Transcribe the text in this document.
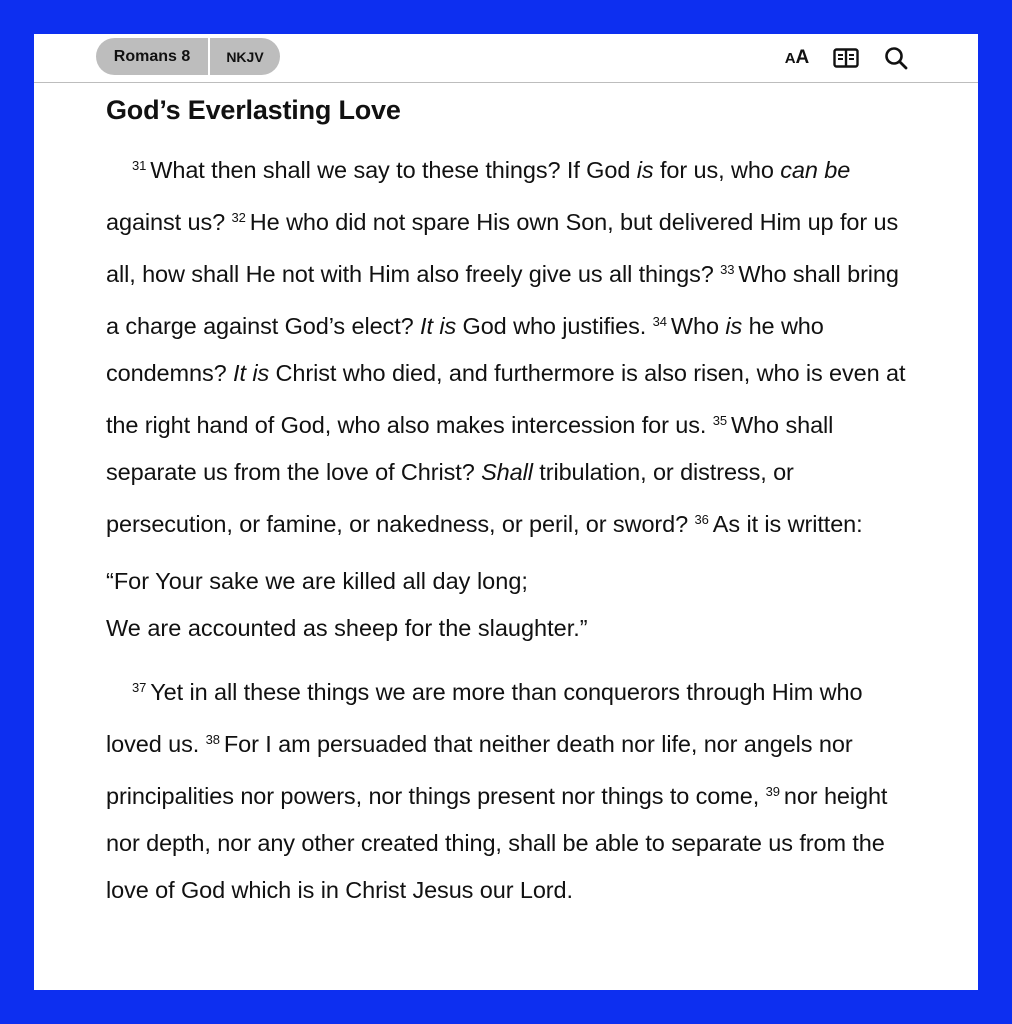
Romans 8	NKJV	A A
God’s Everlasting Love

$^{31}$ What then shall we say to these things? If God is for us, who can be against us? $^{32}$ He who did not spare His own Son, but delivered Him up for us all, how shall He not with Him also freely give us all things? $^{33}$ Who shall bring a charge against God’s elect? It is God who justifies. $^{34}$ Who is he who condemns? It is Christ who died, and furthermore is also risen, who is even at the right hand of God, who also makes intercession for us. $^{35}$ Who shall separate us from the love of Christ? Shall tribulation, or distress, or persecution, or famine, or nakedness, or peril, or sword? $^{36}$ As it is written:

“For Your sake we are killed all day long;
We are accounted as sheep for the slaughter.”

$^{37}$ Yet in all these things we are more than conquerors through Him who loved us. $^{38}$ For I am persuaded that neither death nor life, nor angels nor principalities nor powers, nor things present nor things to come, $^{39}$ nor height nor depth, nor any other created thing, shall be able to separate us from the love of God which is in Christ Jesus our Lord.
